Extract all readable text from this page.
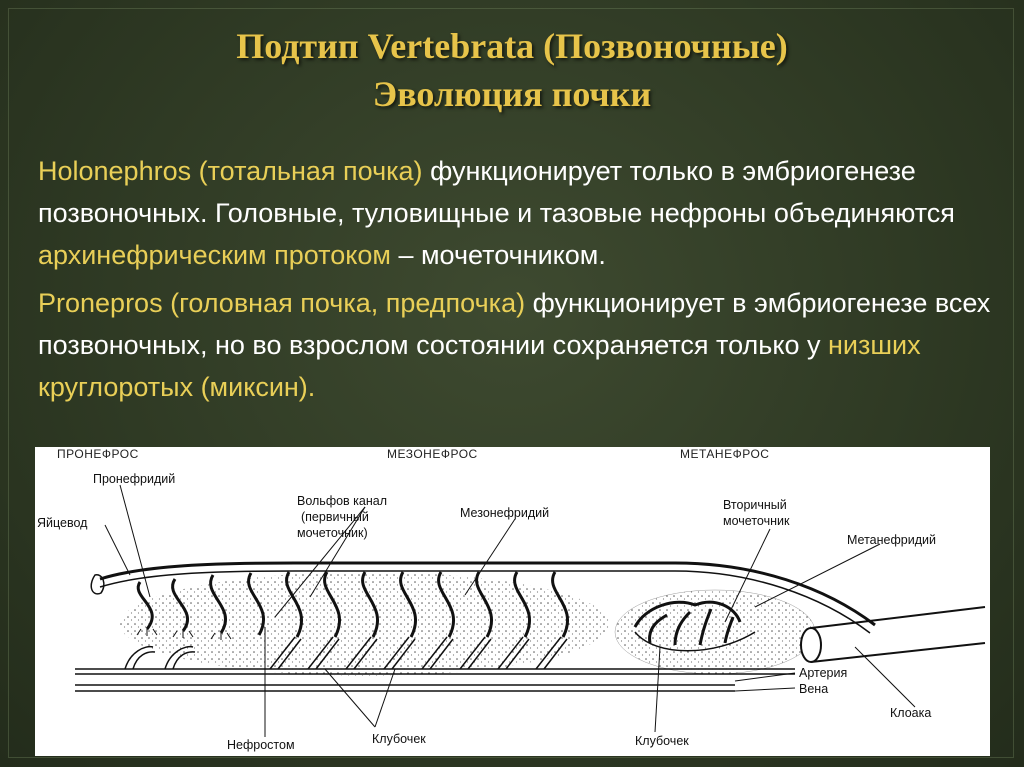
Подтип Vertebrata (Позвоночные)
Эволюция почки

Holonephros (тотальная почка) функционирует только в эмбриогенезе позвоночных. Головные, туловищные и тазовые нефроны объединяются архинефрическим протоком – мочеточником.

Pronepros (головная почка, предпочка) функционирует в эмбриогенезе всех позвоночных, но во взрослом состоянии сохраняется только у низших круглоротых (миксин).

ПРОНЕФРОС	МЕЗОНЕФРОС	МЕТАНЕФРОС
Пронефридий
Яйцевод
Вольфов канал
(первичный
мочеточник)
Мезонефридий
Вторичный
мочеточник
Метанефридий
Артерия
Вена
Клоака
Нефростом	Клубочек	Клубочек
